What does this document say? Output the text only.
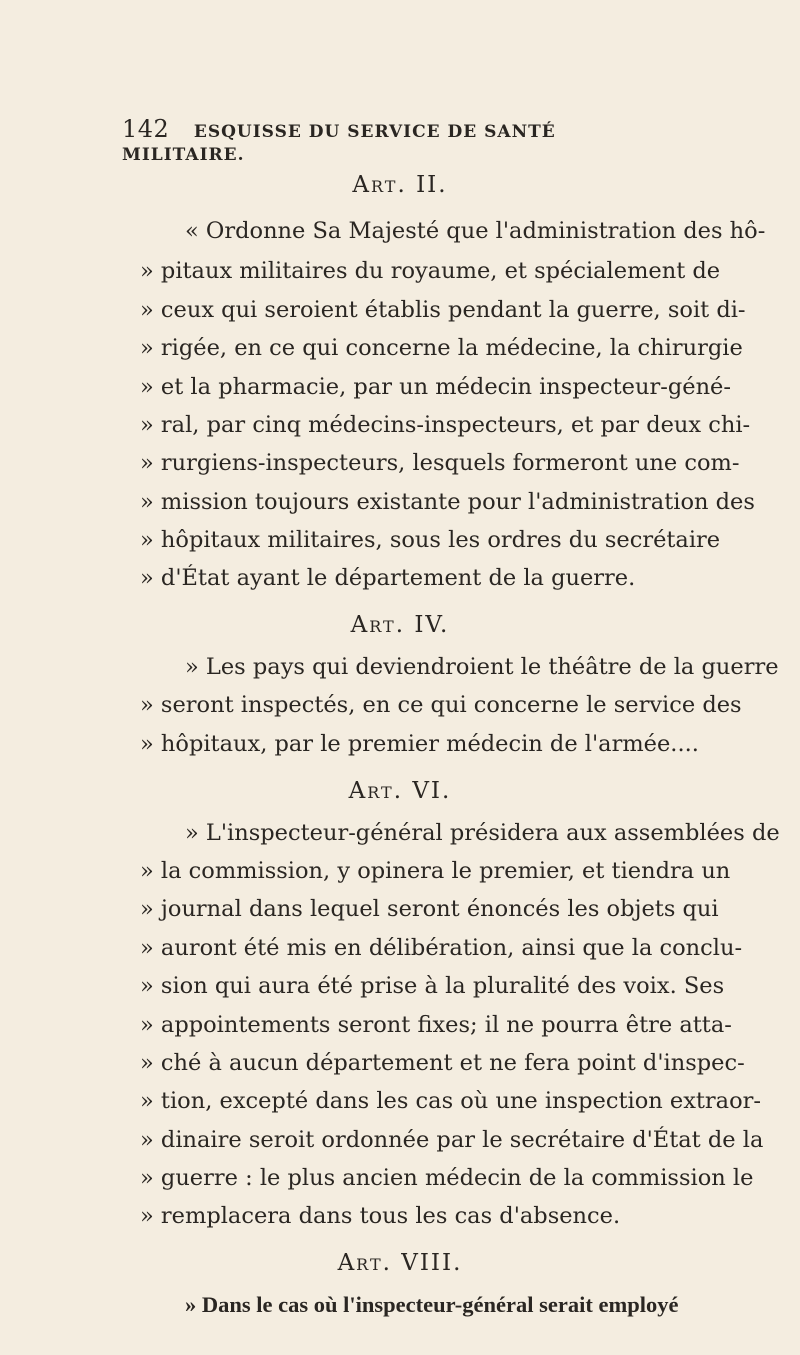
142 ESQUISSE DU SERVICE DE SANTÉ MILITAIRE.
Art. II.
« Ordonne Sa Majesté que l'administration des hô-
» pitaux militaires du royaume, et spécialement de
» ceux qui seroient établis pendant la guerre, soit di-
» rigée, en ce qui concerne la médecine, la chirurgie
» et la pharmacie, par un médecin inspecteur-géné-
» ral, par cinq médecins-inspecteurs, et par deux chi-
» rurgiens-inspecteurs, lesquels formeront une com-
» mission toujours existante pour l'administration des
» hôpitaux militaires, sous les ordres du secrétaire
» d'État ayant le département de la guerre.
Art. IV.
» Les pays qui deviendroient le théâtre de la guerre
» seront inspectés, en ce qui concerne le service des
» hôpitaux, par le premier médecin de l'armée....
Art. VI.
» L'inspecteur-général présidera aux assemblées de
» la commission, y opinera le premier, et tiendra un
» journal dans lequel seront énoncés les objets qui
» auront été mis en délibération, ainsi que la conclu-
» sion qui aura été prise à la pluralité des voix. Ses
» appointements seront fixes; il ne pourra être atta-
» ché à aucun département et ne fera point d'inspec-
» tion, excepté dans les cas où une inspection extraor-
» dinaire seroit ordonnée par le secrétaire d'État de la
» guerre : le plus ancien médecin de la commission le
» remplacera dans tous les cas d'absence.
Art. VIII.
» Dans le cas où l'inspecteur-général serait employé
